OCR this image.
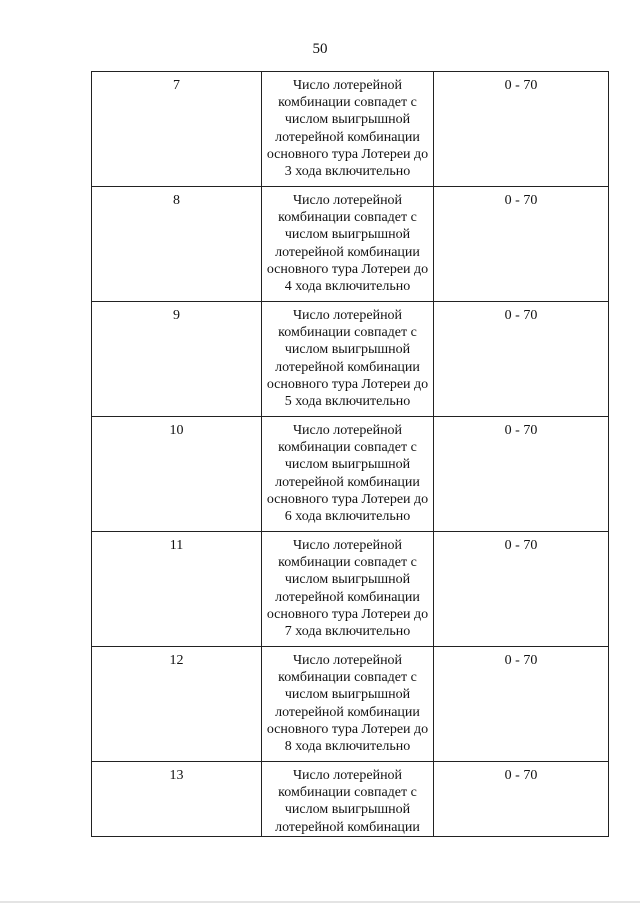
50
7	Число лотерейной комбинации совпадет с числом выигрышной лотерейной комбинации основного тура Лотереи до 3 хода включительно	0 - 70
8	Число лотерейной комбинации совпадет с числом выигрышной лотерейной комбинации основного тура Лотереи до 4 хода включительно	0 - 70
9	Число лотерейной комбинации совпадет с числом выигрышной лотерейной комбинации основного тура Лотереи до 5 хода включительно	0 - 70
10	Число лотерейной комбинации совпадет с числом выигрышной лотерейной комбинации основного тура Лотереи до 6 хода включительно	0 - 70
11	Число лотерейной комбинации совпадет с числом выигрышной лотерейной комбинации основного тура Лотереи до 7 хода включительно	0 - 70
12	Число лотерейной комбинации совпадет с числом выигрышной лотерейной комбинации основного тура Лотереи до 8 хода включительно	0 - 70
13	Число лотерейной комбинации совпадет с числом выигрышной лотерейной комбинации	0 - 70
